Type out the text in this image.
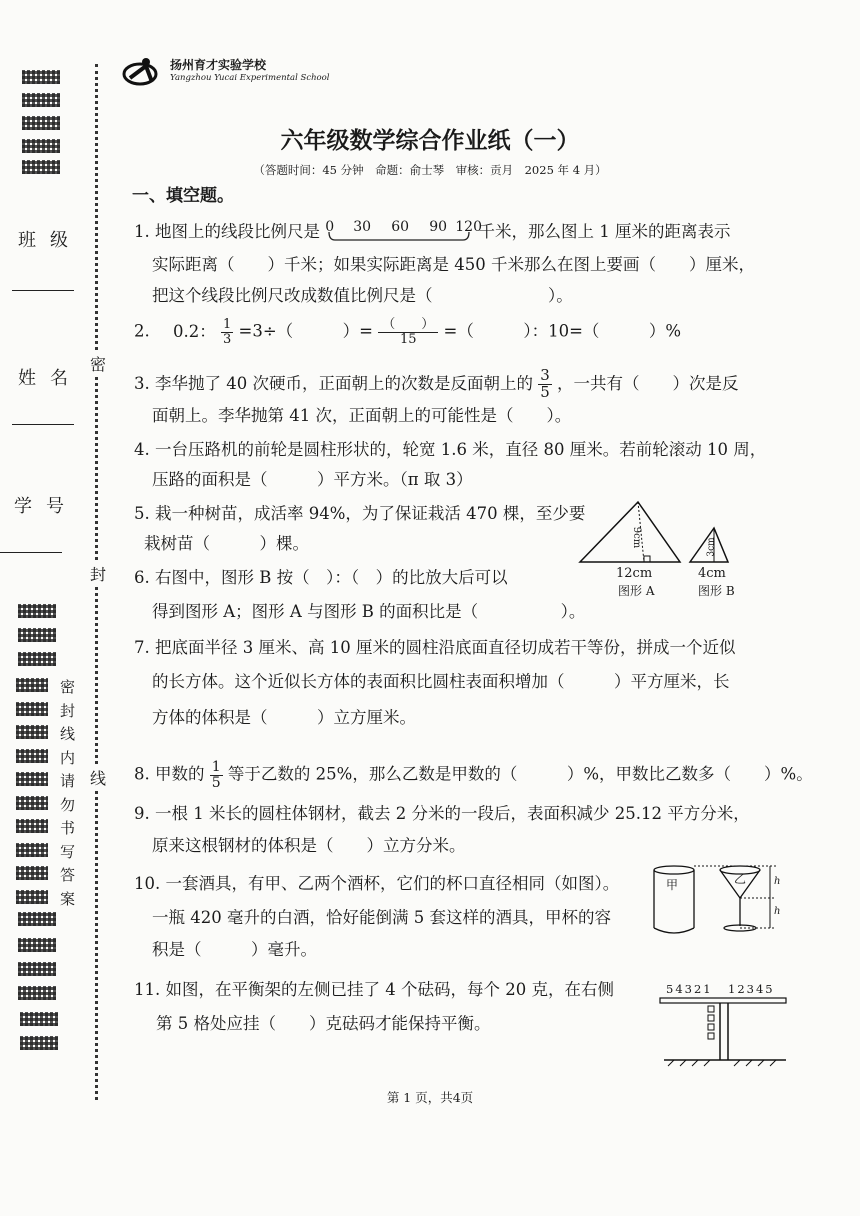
扬州育才实验学校
Yangzhou Yucai Experimental School
六年级数学综合作业纸（一）
（答题时间：45 分钟　命题：俞士琴　审核：贡月　2025 年 4 月）
班级
姓名
学号
密
封
线
内
请
勿
书
写
答
案
密
封
线
一、填空题。
1. 地图上的线段比例尺是 0 30 60 90 120
千米，那么图上 1 厘米的距离表示
实际距离（　　）千米；如果实际距离是 450 千米那么在图上要画（　　）厘米，
把这个线段比例尺改成数值比例尺是（　　　　　　　）。
2. 0.2： $\frac{1}{3} =3\div$（　　　）= $\frac{( )}{15}$ =（　　　）：10=（　　　）%
3. 李华抛了 40 次硬币，正面朝上的次数是反面朝上的 $\frac{3}{5}$ ，一共有（　　）次是反
面朝上。李华抛第 41 次，正面朝上的可能性是（　　）。
4. 一台压路机的前轮是圆柱形状的，轮宽 1.6 米，直径 80 厘米。若前轮滚动 10 周，
压路的面积是（　　　）平方米。（π 取 3）
5. 栽一种树苗，成活率 94%，为了保证栽活 470 棵，至少要
栽树苗（　　　）棵。
6. 右图中，图形 B 按（　）：（　）的比放大后可以
得到图形 A；图形 A 与图形 B 的面积比是（　　　　　）。
9cm	3cm
12cm
图形 A
4cm
图形 B
7. 把底面半径 3 厘米、高 10 厘米的圆柱沿底面直径切成若干等份，拼成一个近似
的长方体。这个近似长方体的表面积比圆柱表面积增加（　　　）平方厘米，长
方体的体积是（　　　）立方厘米。
8. 甲数的 $\frac{1}{5}$ 等于乙数的 25%，那么乙数是甲数的（　　　）%，甲数比乙数多（　　）%。
9. 一根 1 米长的圆柱体钢材，截去 2 分米的一段后，表面积减少 25.12 平方分米，
原来这根钢材的体积是（　　）立方分米。
10. 一套酒具，有甲、乙两个酒杯，它们的杯口直径相同（如图）。
一瓶 420 毫升的白酒，恰好能倒满 5 套这样的酒具，甲杯的容
积是（　　　）毫升。
甲	乙	h
h
11. 如图，在平衡架的左侧已挂了 4 个砝码，每个 20 克，在右侧
第 5 格处应挂（　　）克砝码才能保持平衡。
54321 12345
第 1 页，共4页
